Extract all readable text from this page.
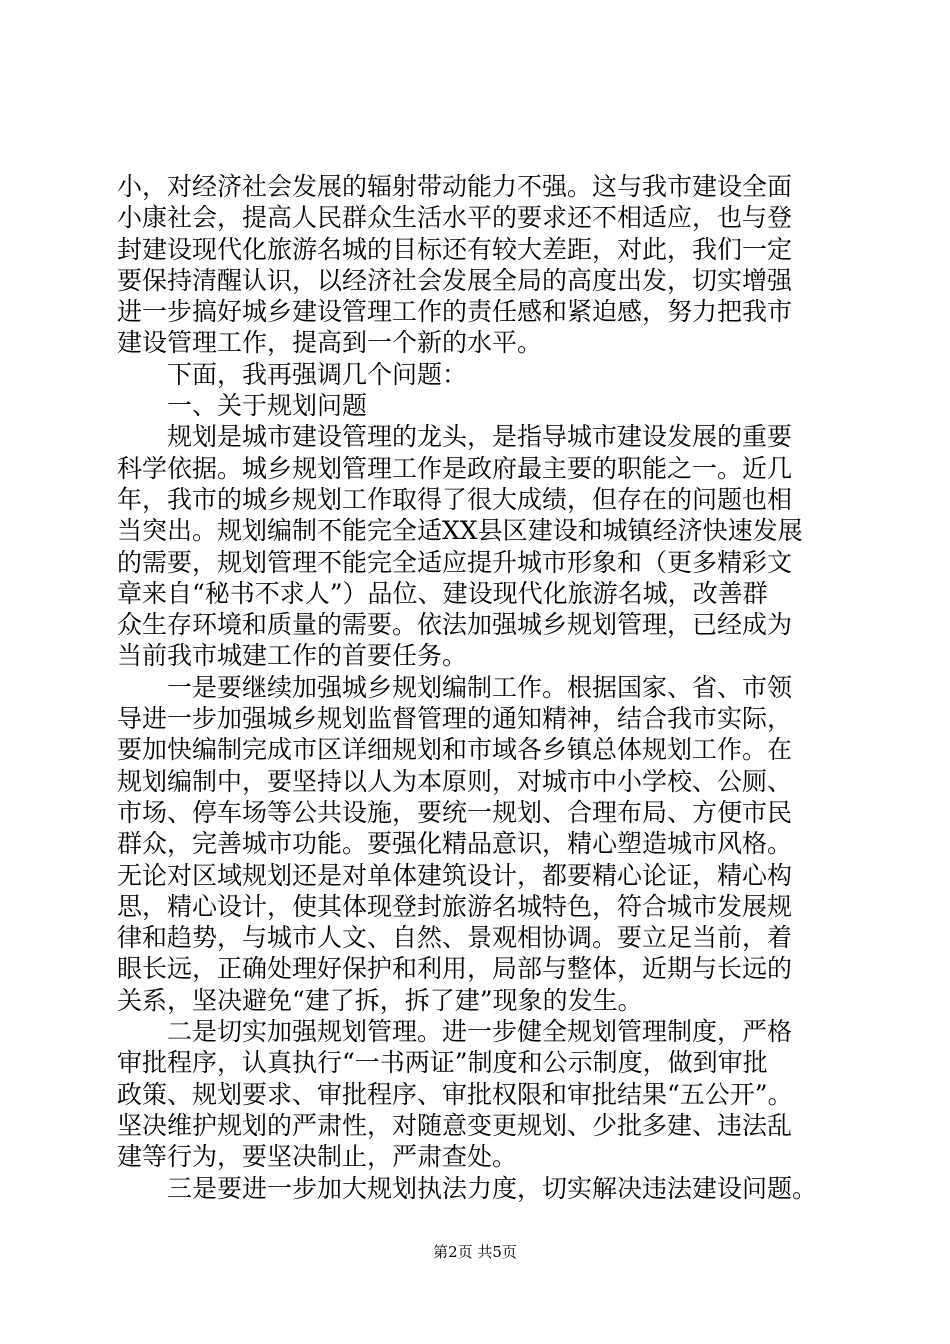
小，对经济社会发展的辐射带动能力不强。这与我市建设全面
小康社会，提高人民群众生活水平的要求还不相适应，也与登
封建设现代化旅游名城的目标还有较大差距，对此，我们一定
要保持清醒认识，以经济社会发展全局的高度出发，切实增强
进一步搞好城乡建设管理工作的责任感和紧迫感，努力把我市
建设管理工作，提高到一个新的水平。
　　下面，我再强调几个问题：
　　一、关于规划问题
　　规划是城市建设管理的龙头，是指导城市建设发展的重要
科学依据。城乡规划管理工作是政府最主要的职能之一。近几
年，我市的城乡规划工作取得了很大成绩，但存在的问题也相
当突出。规划编制不能完全适XX县区建设和城镇经济快速发展
的需要，规划管理不能完全适应提升城市形象和（更多精彩文
章来自“秘书不求人”）品位、建设现代化旅游名城，改善群
众生存环境和质量的需要。依法加强城乡规划管理，已经成为
当前我市城建工作的首要任务。
　　一是要继续加强城乡规划编制工作。根据国家、省、市领
导进一步加强城乡规划监督管理的通知精神，结合我市实际，
要加快编制完成市区详细规划和市域各乡镇总体规划工作。在
规划编制中，要坚持以人为本原则，对城市中小学校、公厕、
市场、停车场等公共设施，要统一规划、合理布局、方便市民
群众，完善城市功能。要强化精品意识，精心塑造城市风格。
无论对区域规划还是对单体建筑设计，都要精心论证，精心构
思，精心设计，使其体现登封旅游名城特色，符合城市发展规
律和趋势，与城市人文、自然、景观相协调。要立足当前，着
眼长远，正确处理好保护和利用，局部与整体，近期与长远的
关系，坚决避免“建了拆，拆了建”现象的发生。
　　二是切实加强规划管理。进一步健全规划管理制度，严格
审批程序，认真执行“一书两证”制度和公示制度，做到审批
政策、规划要求、审批程序、审批权限和审批结果“五公开”。
坚决维护规划的严肃性，对随意变更规划、少批多建、违法乱
建等行为，要坚决制止，严肃查处。
　　三是要进一步加大规划执法力度，切实解决违法建设问题。
第2页 共5页
